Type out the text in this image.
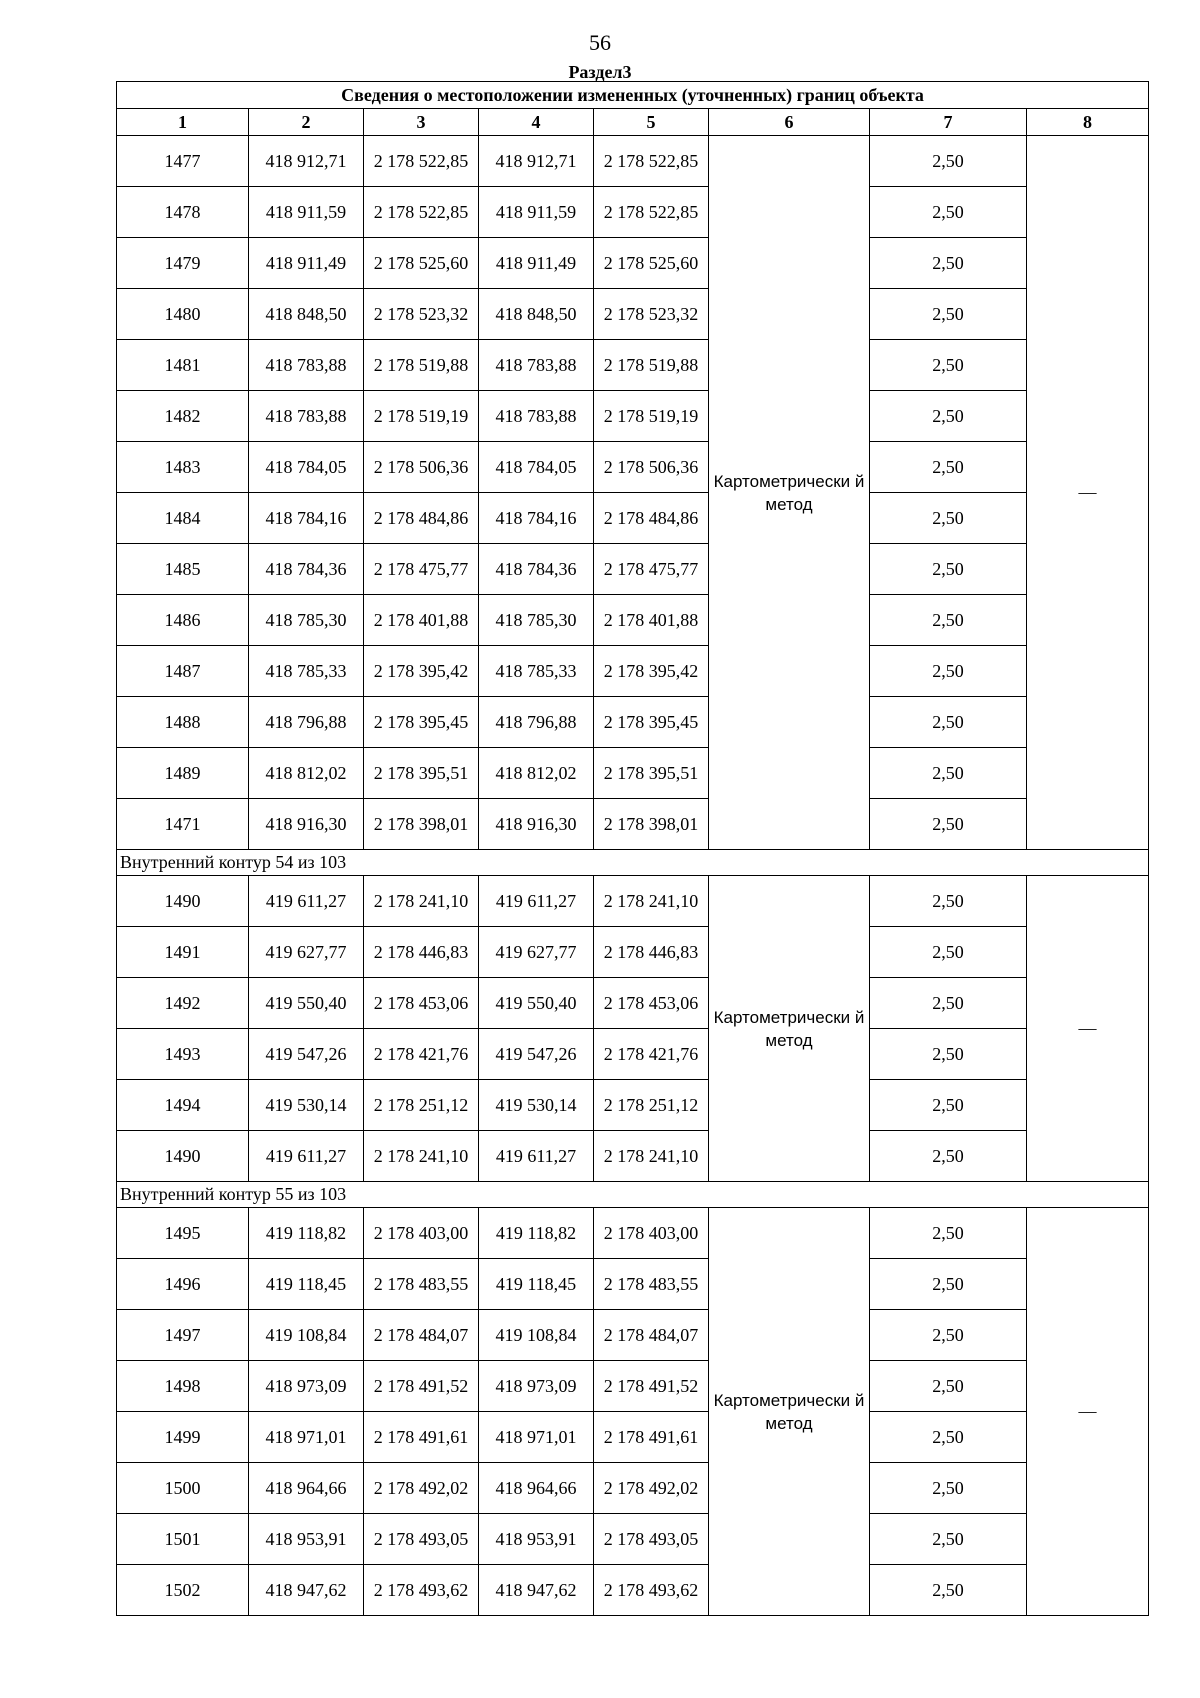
56
Раздел3
Сведения о местоположении измененных (уточненных) границ объекта							
1	2	3	4	5	6	7	8
1477	418 912,71	2 178 522,85	418 912,71	2 178 522,85	Картометрически й метод	2,50	—
1478	418 911,59	2 178 522,85	418 911,59	2 178 522,85		2,50	
1479	418 911,49	2 178 525,60	418 911,49	2 178 525,60		2,50	
1480	418 848,50	2 178 523,32	418 848,50	2 178 523,32		2,50	
1481	418 783,88	2 178 519,88	418 783,88	2 178 519,88		2,50	
1482	418 783,88	2 178 519,19	418 783,88	2 178 519,19		2,50	
1483	418 784,05	2 178 506,36	418 784,05	2 178 506,36		2,50	
1484	418 784,16	2 178 484,86	418 784,16	2 178 484,86		2,50	
1485	418 784,36	2 178 475,77	418 784,36	2 178 475,77		2,50	
1486	418 785,30	2 178 401,88	418 785,30	2 178 401,88		2,50	
1487	418 785,33	2 178 395,42	418 785,33	2 178 395,42		2,50	
1488	418 796,88	2 178 395,45	418 796,88	2 178 395,45		2,50	
1489	418 812,02	2 178 395,51	418 812,02	2 178 395,51		2,50	
1471	418 916,30	2 178 398,01	418 916,30	2 178 398,01		2,50	
Внутренний контур 54 из 103							
1490	419 611,27	2 178 241,10	419 611,27	2 178 241,10	Картометрически й метод	2,50	—
1491	419 627,77	2 178 446,83	419 627,77	2 178 446,83		2,50	
1492	419 550,40	2 178 453,06	419 550,40	2 178 453,06		2,50	
1493	419 547,26	2 178 421,76	419 547,26	2 178 421,76		2,50	
1494	419 530,14	2 178 251,12	419 530,14	2 178 251,12		2,50	
1490	419 611,27	2 178 241,10	419 611,27	2 178 241,10		2,50	
Внутренний контур 55 из 103							
1495	419 118,82	2 178 403,00	419 118,82	2 178 403,00	Картометрически й метод	2,50	—
1496	419 118,45	2 178 483,55	419 118,45	2 178 483,55		2,50	
1497	419 108,84	2 178 484,07	419 108,84	2 178 484,07		2,50	
1498	418 973,09	2 178 491,52	418 973,09	2 178 491,52		2,50	
1499	418 971,01	2 178 491,61	418 971,01	2 178 491,61		2,50	
1500	418 964,66	2 178 492,02	418 964,66	2 178 492,02		2,50	
1501	418 953,91	2 178 493,05	418 953,91	2 178 493,05		2,50	
1502	418 947,62	2 178 493,62	418 947,62	2 178 493,62		2,50	
